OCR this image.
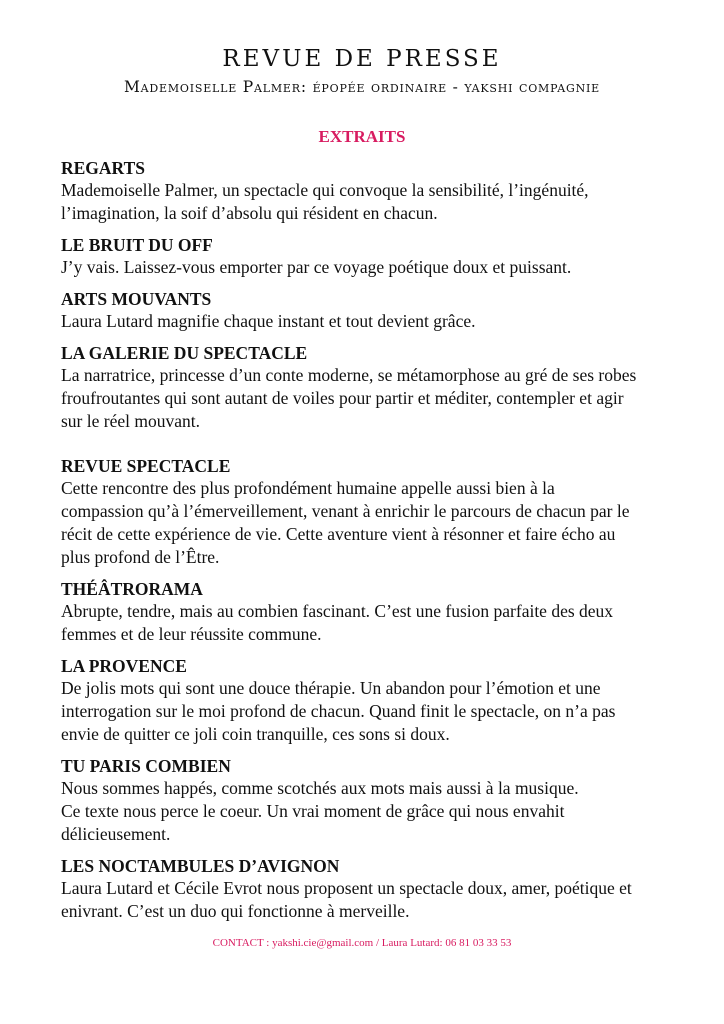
REVUE DE PRESSE

Mademoiselle Palmer: épopée ordinaire - yakshi compagnie

EXTRAITS

REGARTS

Mademoiselle Palmer, un spectacle qui convoque la sensibilité, l’ingénuité,
l’imagination, la soif d’absolu qui résident en chacun.

LE BRUIT DU OFF

J’y vais. Laissez-vous emporter par ce voyage poétique doux et puissant.

ARTS MOUVANTS

Laura Lutard magnifie chaque instant et tout devient grâce.

LA GALERIE DU SPECTACLE

La narratrice, princesse d’un conte moderne, se métamorphose au gré de ses robes
froufroutantes qui sont autant de voiles pour partir et méditer, contempler et agir
sur le réel mouvant.

REVUE SPECTACLE

Cette rencontre des plus profondément humaine appelle aussi bien à la
compassion qu’à l’émerveillement, venant à enrichir le parcours de chacun par le
récit de cette expérience de vie. Cette aventure vient à résonner et faire écho au
plus profond de l’Être.

THÉÂTRORAMA

Abrupte, tendre, mais au combien fascinant. C’est une fusion parfaite des deux
femmes et de leur réussite commune.

LA PROVENCE

De jolis mots qui sont une douce thérapie. Un abandon pour l’émotion et une
interrogation sur le moi profond de chacun. Quand finit le spectacle, on n’a pas
envie de quitter ce joli coin tranquille, ces sons si doux.

TU PARIS COMBIEN

Nous sommes happés, comme scotchés aux mots mais aussi à la musique.
Ce texte nous perce le coeur. Un vrai moment de grâce qui nous envahit
délicieusement.

LES NOCTAMBULES D’AVIGNON

Laura Lutard et Cécile Evrot nous proposent un spectacle doux, amer, poétique et
enivrant. C’est un duo qui fonctionne à merveille.

CONTACT : yakshi.cie@gmail.com / Laura Lutard: 06 81 03 33 53
